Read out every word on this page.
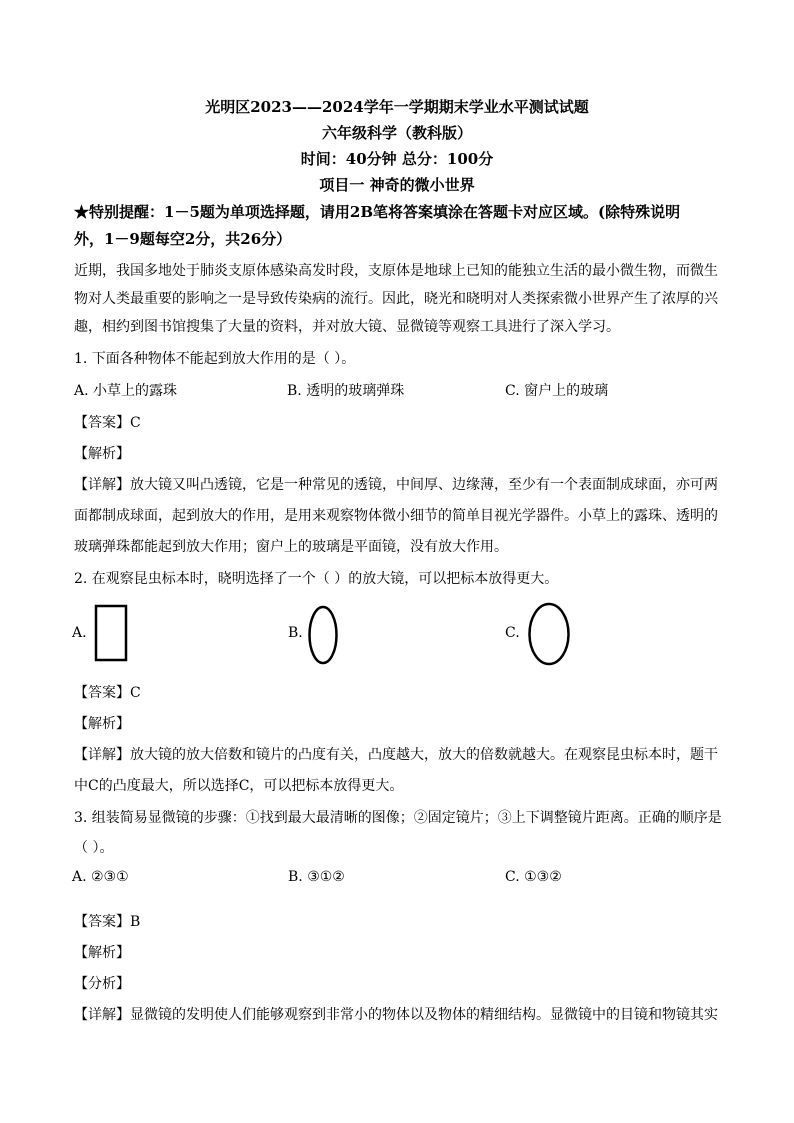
光明区2023——2024学年一学期期末学业水平测试试题
六年级科学（教科版）
时间：40分钟 总分：100分
项目一 神奇的微小世界
★特别提醒：1－5题为单项选择题，请用2B笔将答案填涂在答题卡对应区域。(除特殊说明
外，1－9题每空2分，共26分）
近期，我国多地处于肺炎支原体感染高发时段，支原体是地球上已知的能独立生活的最小微生物，而微生
物对人类最重要的影响之一是导致传染病的流行。因此，晓光和晓明对人类探索微小世界产生了浓厚的兴
趣，相约到图书馆搜集了大量的资料，并对放大镜、显微镜等观察工具进行了深入学习。
1. 下面各种物体不能起到放大作用的是（ ）。
A. 小草上的露珠	B. 透明的玻璃弹珠	C. 窗户上的玻璃
【答案】C
【解析】
【详解】放大镜又叫凸透镜，它是一种常见的透镜，中间厚、边缘薄，至少有一个表面制成球面，亦可两
面都制成球面，起到放大的作用，是用来观察物体微小细节的简单目视光学器件。小草上的露珠、透明的
玻璃弹珠都能起到放大作用；窗户上的玻璃是平面镜，没有放大作用。
2. 在观察昆虫标本时，晓明选择了一个（ ）的放大镜，可以把标本放得更大。
A.	B.	C.
【答案】C
【解析】
【详解】放大镜的放大倍数和镜片的凸度有关，凸度越大，放大的倍数就越大。在观察昆虫标本时，题干
中C的凸度最大，所以选择C，可以把标本放得更大。
3. 组装简易显微镜的步骤：①找到最大最清晰的图像；②固定镜片；③上下调整镜片距离。正确的顺序是
（ ）。
A. ②③①	B. ③①②	C. ①③②
【答案】B
【解析】
【分析】
【详解】显微镜的发明使人们能够观察到非常小的物体以及物体的精细结构。显微镜中的目镜和物镜其实
